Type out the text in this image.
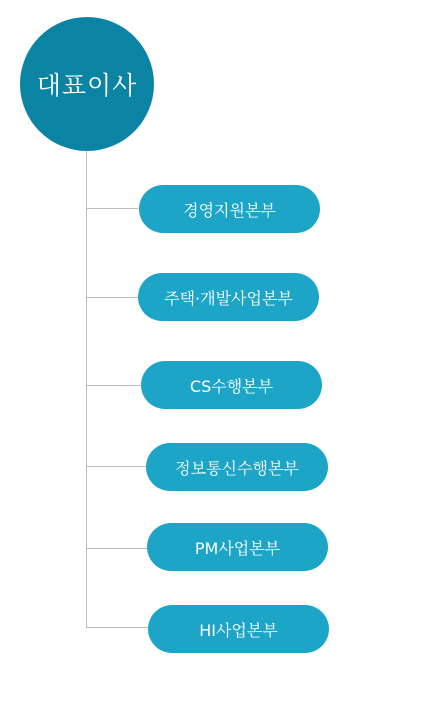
대표이사
경영지원본부
주택·개발사업본부
CS수행본부
정보통신수행본부
PM사업본부
HI사업본부
